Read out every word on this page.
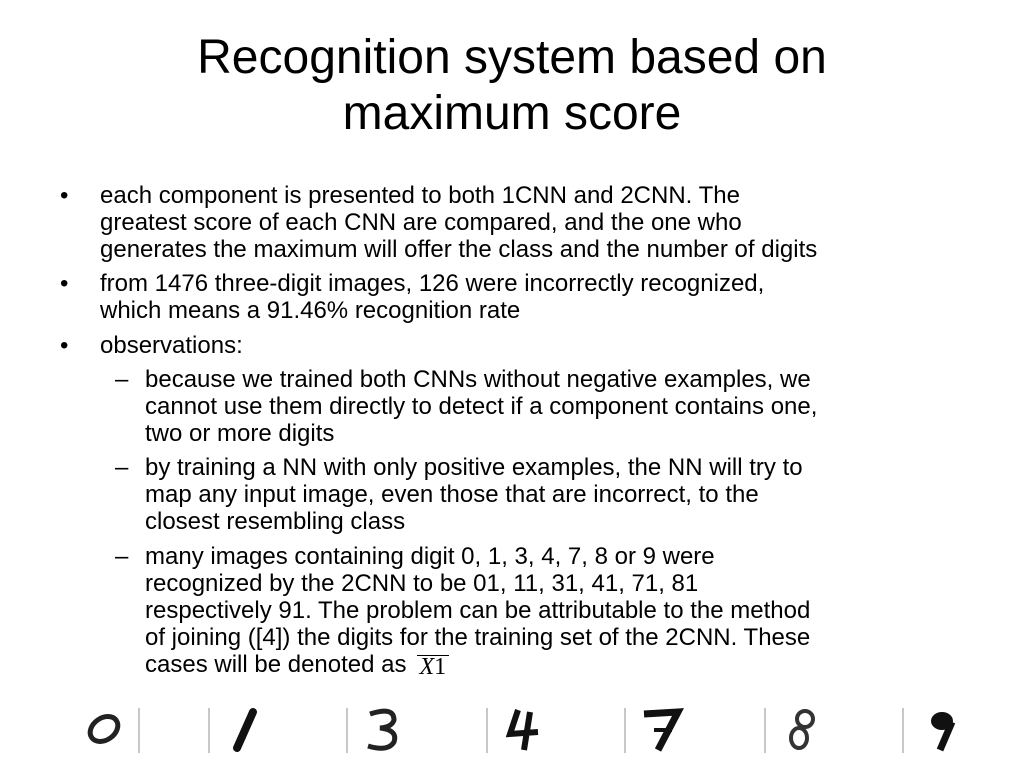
Recognition system based on
maximum score
• each component is presented to both 1CNN and 2CNN. The
greatest score of each CNN are compared, and the one who
generates the maximum will offer the class and the number of digits
• from 1476 three-digit images, 126 were incorrectly recognized,
which means a 91.46% recognition rate
• observations:
– because we trained both CNNs without negative examples, we
cannot use them directly to detect if a component contains one,
two or more digits
– by training a NN with only positive examples, the NN will try to
map any input image, even those that are incorrect, to the
closest resembling class
– many images containing digit 0, 1, 3, 4, 7, 8 or 9 were
recognized by the 2CNN to be 01, 11, 31, 41, 71, 81
respectively 91. The problem can be attributable to the method
of joining ([4]) the digits for the training set of the 2CNN. These
cases will be denoted as X1
